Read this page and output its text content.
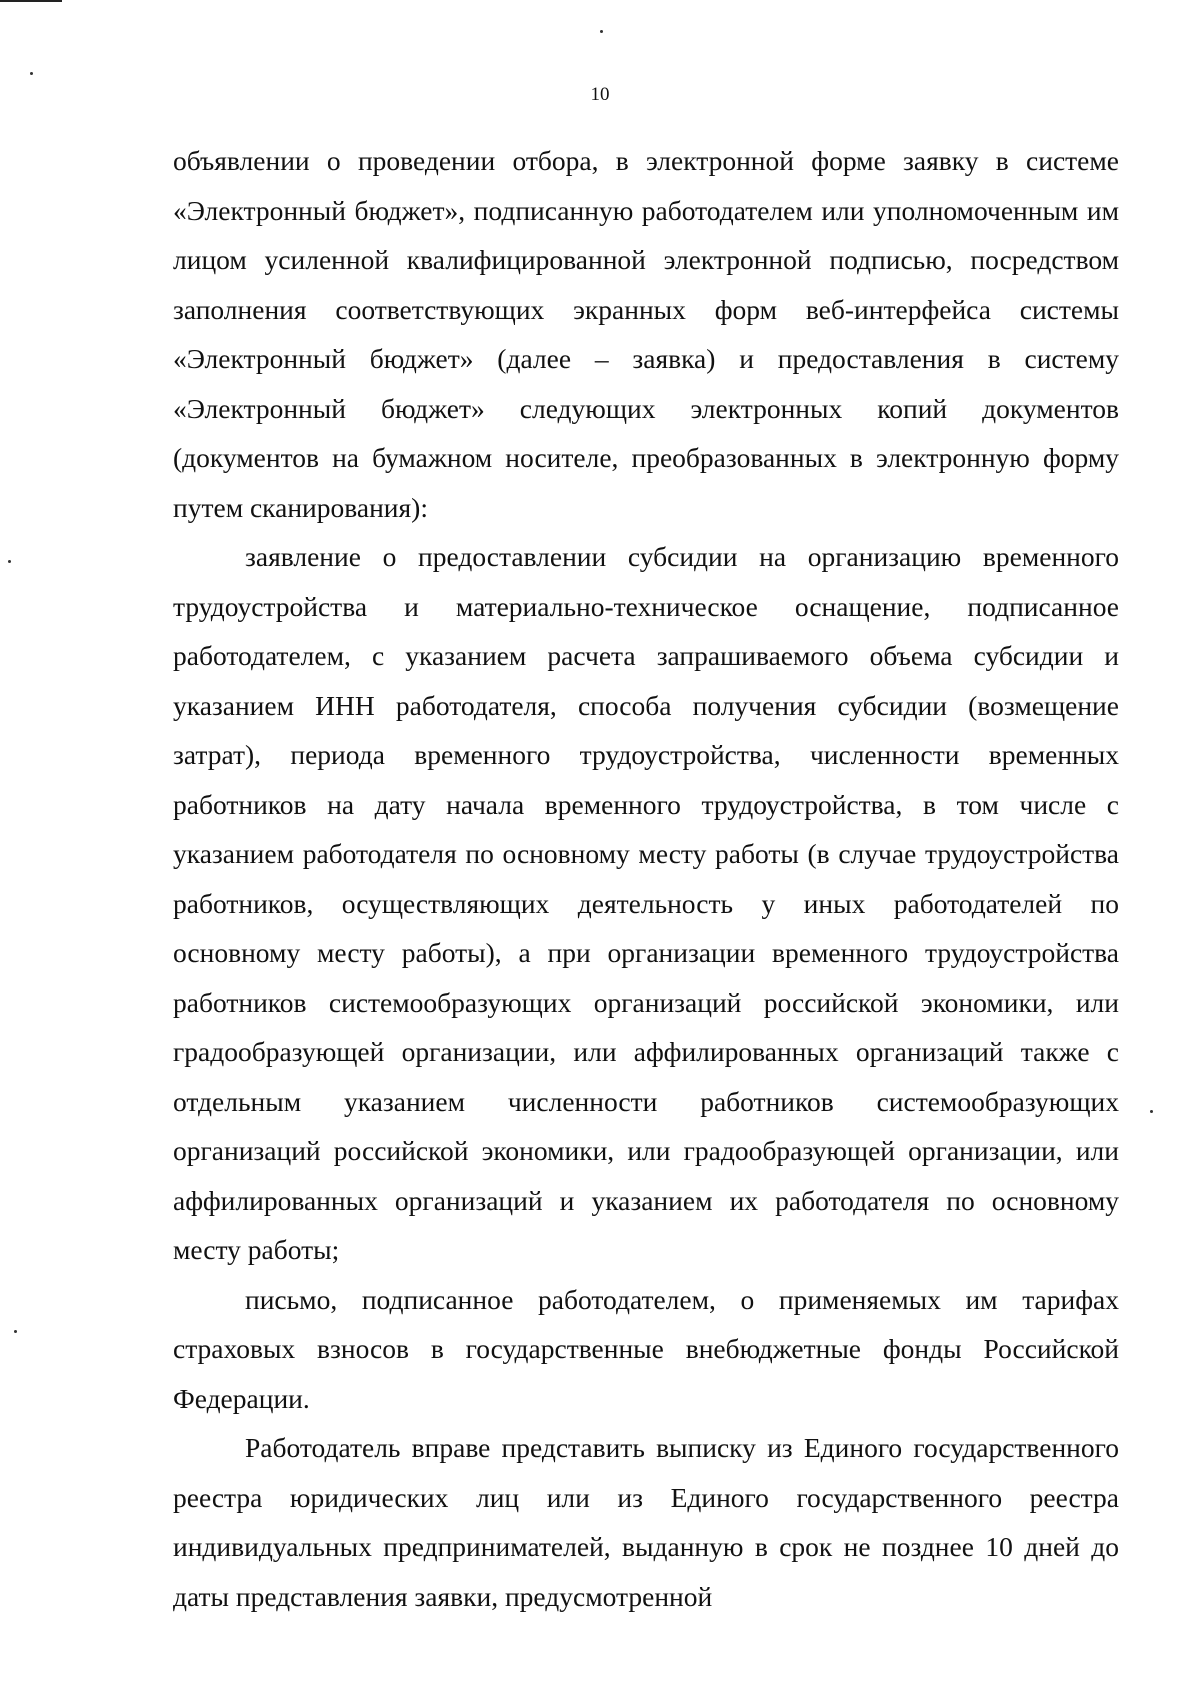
10

объявлении о проведении отбора, в электронной форме заявку в системе «Электронный бюджет», подписанную работодателем или уполномоченным им лицом усиленной квалифицированной электронной подписью, посредством заполнения соответствующих экранных форм веб-интерфейса системы «Электронный бюджет» (далее – заявка) и предоставления в систему «Электронный бюджет» следующих электронных копий документов (документов на бумажном носителе, преобразованных в электронную форму путем сканирования):

заявление о предоставлении субсидии на организацию временного трудоустройства и материально-техническое оснащение, подписанное работодателем, с указанием расчета запрашиваемого объема субсидии и указанием ИНН работодателя, способа получения субсидии (возмещение затрат), периода временного трудоустройства, численности временных работников на дату начала временного трудоустройства, в том числе с указанием работодателя по основному месту работы (в случае трудоустройства работников, осуществляющих деятельность у иных работодателей по основному месту работы), а при организации временного трудоустройства работников системообразующих организаций российской экономики, или градообразующей организации, или аффилированных организаций также с отдельным указанием численности работников системообразующих организаций российской экономики, или градообразующей организации, или аффилированных организаций и указанием их работодателя по основному месту работы;

письмо, подписанное работодателем, о применяемых им тарифах страховых взносов в государственные внебюджетные фонды Российской Федерации.

Работодатель вправе представить выписку из Единого государственного реестра юридических лиц или из Единого государственного реестра индивидуальных предпринимателей, выданную в срок не позднее 10 дней до даты представления заявки, предусмотренной
